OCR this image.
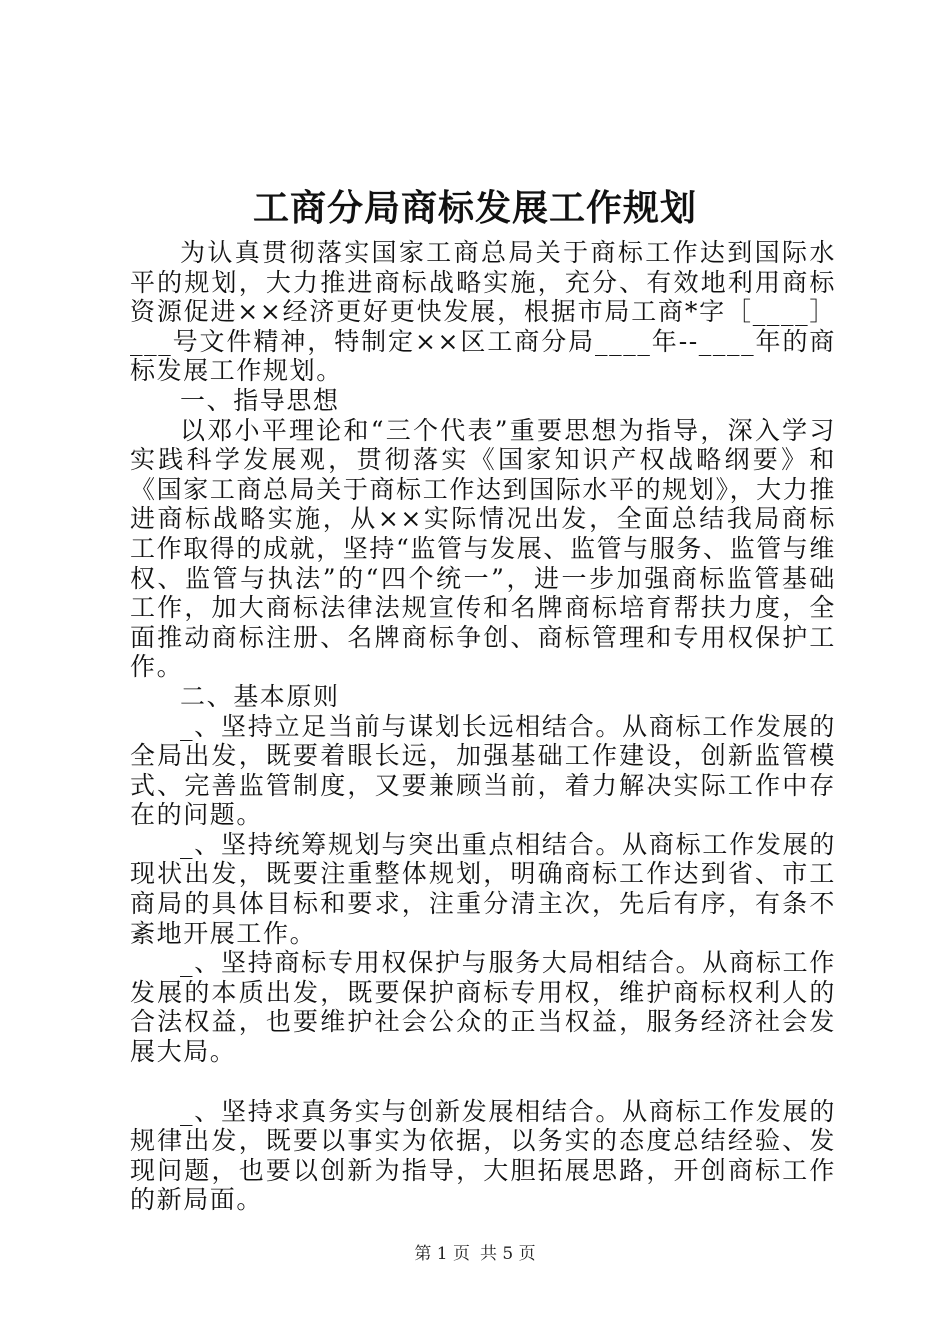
工商分局商标发展工作规划

为认真贯彻落实国家工商总局关于商标工作达到国际水平的规划，大力推进商标战略实施，充分、有效地利用商标资源促进××经济更好更快发展，根据市局工商*字［____］___号文件精神，特制定××区工商分局____年--____年的商标发展工作规划。

一、指导思想

以邓小平理论和“三个代表”重要思想为指导，深入学习实践科学发展观，贯彻落实《国家知识产权战略纲要》和《国家工商总局关于商标工作达到国际水平的规划》，大力推进商标战略实施，从××实际情况出发，全面总结我局商标工作取得的成就，坚持“监管与发展、监管与服务、监管与维权、监管与执法”的“四个统一”，进一步加强商标监管基础工作，加大商标法律法规宣传和名牌商标培育帮扶力度，全面推动商标注册、名牌商标争创、商标管理和专用权保护工作。

二、基本原则

_、坚持立足当前与谋划长远相结合。从商标工作发展的全局出发，既要着眼长远，加强基础工作建设，创新监管模式、完善监管制度，又要兼顾当前，着力解决实际工作中存在的问题。

_、坚持统筹规划与突出重点相结合。从商标工作发展的现状出发，既要注重整体规划，明确商标工作达到省、市工商局的具体目标和要求，注重分清主次，先后有序，有条不紊地开展工作。

_、坚持商标专用权保护与服务大局相结合。从商标工作发展的本质出发，既要保护商标专用权，维护商标权利人的合法权益，也要维护社会公众的正当权益，服务经济社会发展大局。

_、坚持求真务实与创新发展相结合。从商标工作发展的规律出发，既要以事实为依据，以务实的态度总结经验、发现问题，也要以创新为指导，大胆拓展思路，开创商标工作的新局面。

第 1 页 共 5 页
